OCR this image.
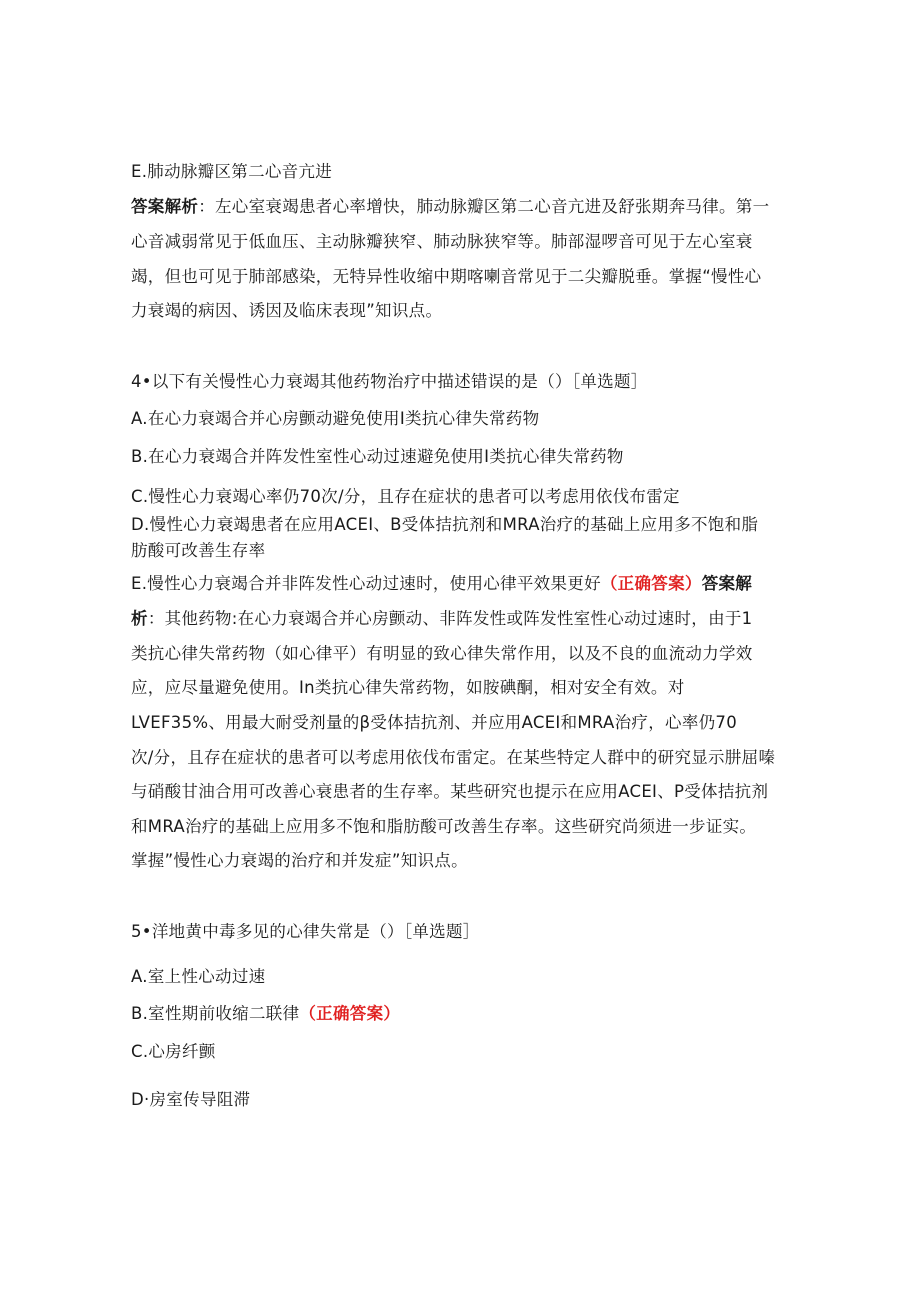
E.肺动脉瓣区第二心音亢进
答案解析：左心室衰竭患者心率增快，肺动脉瓣区第二心音亢进及舒张期奔马律。第一
心音减弱常见于低血压、主动脉瓣狭窄、肺动脉狭窄等。肺部湿啰音可见于左心室衰
竭，但也可见于肺部感染，无特异性收缩中期喀喇音常见于二尖瓣脱垂。掌握“慢性心
力衰竭的病因、诱因及临床表现”知识点。
4•以下有关慢性心力衰竭其他药物治疗中描述错误的是（）［单选题］
A.在心力衰竭合并心房颤动避免使用I类抗心律失常药物
B.在心力衰竭合并阵发性室性心动过速避免使用I类抗心律失常药物
C.慢性心力衰竭心率仍70次/分，且存在症状的患者可以考虑用依伐布雷定
D.慢性心力衰竭患者在应用ACEI、B受体拮抗剂和MRA治疗的基础上应用多不饱和脂
肪酸可改善生存率
E.慢性心力衰竭合并非阵发性心动过速时，使用心律平效果更好（正确答案）答案解
析：其他药物:在心力衰竭合并心房颤动、非阵发性或阵发性室性心动过速时，由于1
类抗心律失常药物（如心律平）有明显的致心律失常作用，以及不良的血流动力学效
应，应尽量避免使用。In类抗心律失常药物，如胺碘酮，相对安全有效。对
LVEF35%、用最大耐受剂量的β受体拮抗剂、并应用ACEI和MRA治疗，心率仍70
次/分，且存在症状的患者可以考虑用依伐布雷定。在某些特定人群中的研究显示肼屈嗪
与硝酸甘油合用可改善心衰患者的生存率。某些研究也提示在应用ACEI、P受体拮抗剂
和MRA治疗的基础上应用多不饱和脂肪酸可改善生存率。这些研究尚须进一步证实。
掌握”慢性心力衰竭的治疗和并发症”知识点。
5•洋地黄中毒多见的心律失常是（）［单选题］
A.室上性心动过速
B.室性期前收缩二联律（正确答案）
C.心房纤颤
D·房室传导阻滞
